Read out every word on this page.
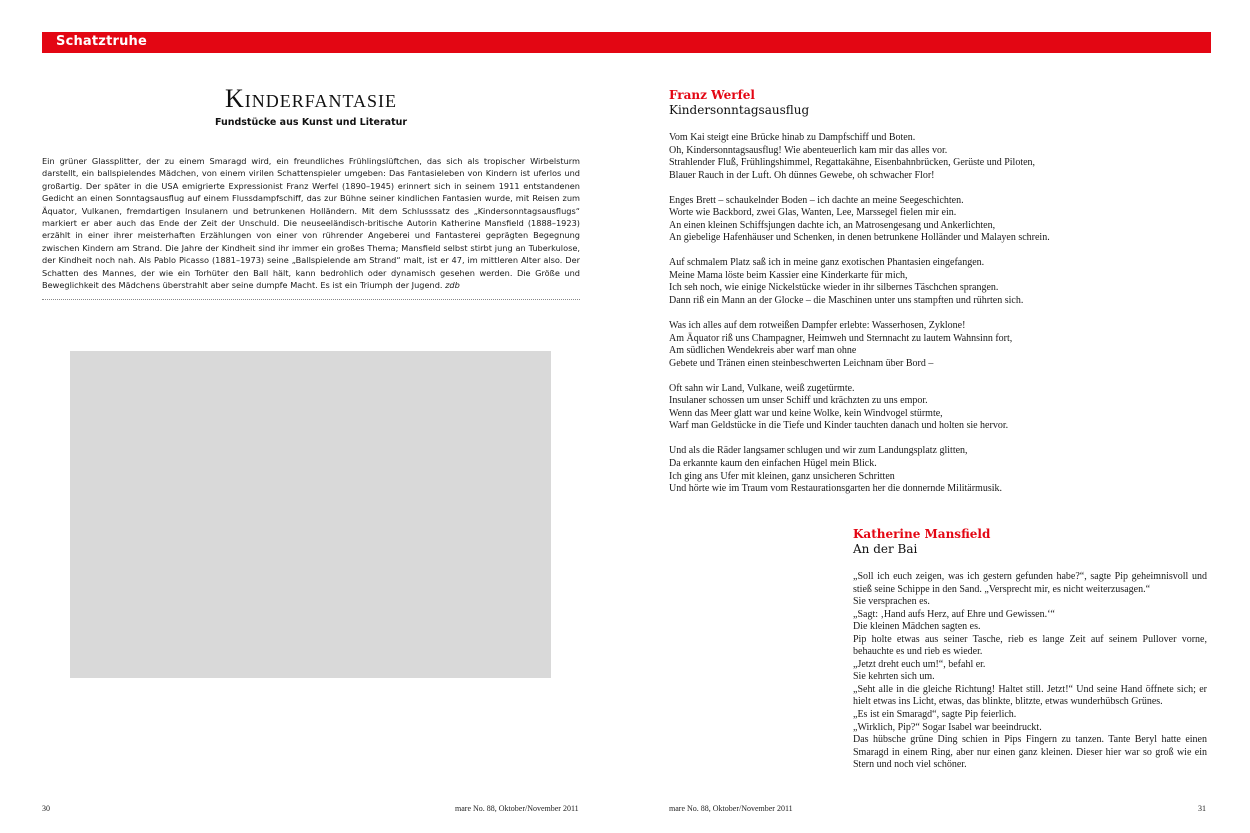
Schatztruhe
Kinderfantasie
Fundstücke aus Kunst und Literatur
Ein grüner Glassplitter, der zu einem Smaragd wird, ein freundliches Frühlingslüftchen, das sich als tropischer Wirbelsturm darstellt, ein ballspielendes Mädchen, von einem virilen Schattenspieler umgeben: Das Fantasieleben von Kindern ist uferlos und großartig. Der später in die USA emigrierte Expressionist Franz Werfel (1890–1945) erinnert sich in seinem 1911 entstandenen Gedicht an einen Sonntagsausflug auf einem Flussdampfschiff, das zur Bühne seiner kindlichen Fantasien wurde, mit Reisen zum Äquator, Vulkanen, fremdartigen Insulanern und betrunkenen Holländern. Mit dem Schlusssatz des „Kindersonntagsausflugs“ markiert er aber auch das Ende der Zeit der Unschuld. Die neuseeländisch-britische Autorin Katherine Mansfield (1888–1923) erzählt in einer ihrer meisterhaften Erzählungen von einer von rührender Angeberei und Fantasterei geprägten Begegnung zwischen Kindern am Strand. Die Jahre der Kindheit sind ihr immer ein großes Thema; Mansfield selbst stirbt jung an Tuberkulose, der Kindheit noch nah. Als Pablo Picasso (1881–1973) seine „Ballspielende am Strand“ malt, ist er 47, im mittleren Alter also. Der Schatten des Mannes, der wie ein Torhüter den Ball hält, kann bedrohlich oder dynamisch gesehen werden. Die Größe und Beweglichkeit des Mädchens überstrahlt aber seine dumpfe Macht. Es ist ein Triumph der Jugend. zdb
Franz Werfel
Kindersonntagsausflug
Vom Kai steigt eine Brücke hinab zu Dampfschiff und Boten.
Oh, Kindersonntagsausflug! Wie abenteuerlich kam mir das alles vor.
Strahlender Fluß, Frühlingshimmel, Regattakähne, Eisenbahnbrücken, Gerüste und Piloten,
Blauer Rauch in der Luft. Oh dünnes Gewebe, oh schwacher Flor!
Enges Brett – schaukelnder Boden – ich dachte an meine Seegeschichten.
Worte wie Backbord, zwei Glas, Wanten, Lee, Marssegel fielen mir ein.
An einen kleinen Schiffsjungen dachte ich, an Matrosengesang und Ankerlichten,
An giebelige Hafenhäuser und Schenken, in denen betrunkene Holländer und Malayen schrein.
Auf schmalem Platz saß ich in meine ganz exotischen Phantasien eingefangen.
Meine Mama löste beim Kassier eine Kinderkarte für mich,
Ich seh noch, wie einige Nickelstücke wieder in ihr silbernes Täschchen sprangen.
Dann riß ein Mann an der Glocke – die Maschinen unter uns stampften und rührten sich.
Was ich alles auf dem rotweißen Dampfer erlebte: Wasserhosen, Zyklone!
Am Äquator riß uns Champagner, Heimweh und Sternnacht zu lautem Wahnsinn fort,
Am südlichen Wendekreis aber warf man ohne
Gebete und Tränen einen steinbeschwerten Leichnam über Bord –
Oft sahn wir Land, Vulkane, weiß zugetürmte.
Insulaner schossen um unser Schiff und krächzten zu uns empor.
Wenn das Meer glatt war und keine Wolke, kein Windvogel stürmte,
Warf man Geldstücke in die Tiefe und Kinder tauchten danach und holten sie hervor.
Und als die Räder langsamer schlugen und wir zum Landungsplatz glitten,
Da erkannte kaum den einfachen Hügel mein Blick.
Ich ging ans Ufer mit kleinen, ganz unsicheren Schritten
Und hörte wie im Traum vom Restaurationsgarten her die donnernde Militärmusik.
Katherine Mansfield
An der Bai

„Soll ich euch zeigen, was ich gestern gefunden habe?“, sagte Pip geheimnisvoll und stieß seine Schippe in den Sand. „Versprecht mir, es nicht weiterzusagen.“

Sie versprachen es.

„Sagt: ‚Hand aufs Herz, auf Ehre und Gewissen.‘“

Die kleinen Mädchen sagten es.

Pip holte etwas aus seiner Tasche, rieb es lange Zeit auf seinem Pullover vorne, behauchte es und rieb es wieder.

„Jetzt dreht euch um!“, befahl er.

Sie kehrten sich um.

„Seht alle in die gleiche Richtung! Haltet still. Jetzt!“ Und seine Hand öffnete sich; er hielt etwas ins Licht, etwas, das blinkte, blitzte, etwas wunderhübsch Grünes.

„Es ist ein Smaragd“, sagte Pip feierlich.

„Wirklich, Pip?“ Sogar Isabel war beeindruckt.

Das hübsche grüne Ding schien in Pips Fingern zu tanzen. Tante Beryl hatte einen Smaragd in einem Ring, aber nur einen ganz kleinen. Dieser hier war so groß wie ein Stern und noch viel schöner.

30	mare No. 88, Oktober/November 2011	mare No. 88, Oktober/November 2011	31
